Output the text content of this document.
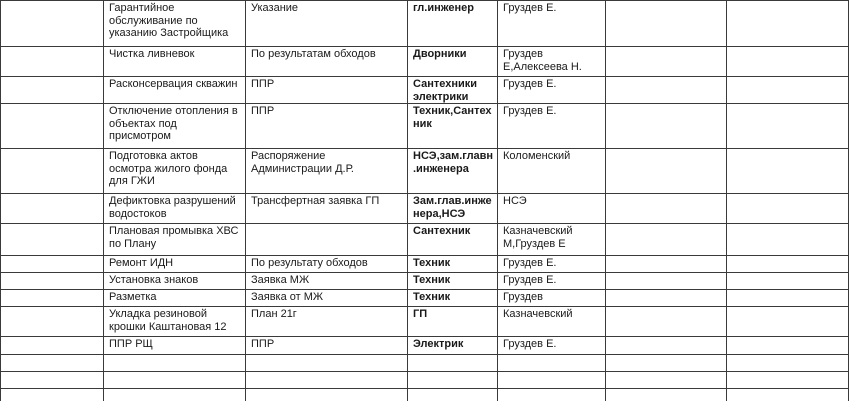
	Гарантийное обслуживание по указанию Застройщика	Указание	гл.инженер	Груздев Е.		
	Чистка ливневок	По результатам обходов	Дворники	Груздев Е,Алексеева Н.		
	Расконсервация скважин	ППР	Сантехники электрики	Груздев Е.		
	Отключение отопления в объектах под присмотром	ППР	Техник,Сантех ник	Груздев Е.		
	Подготовка актов осмотра жилого фонда для ГЖИ	Распоряжение Администрации Д.Р.	НСЭ,зам.главн .инженера	Коломенский		
	Дефиктовка разрушений водостоков	Трансфертная заявка ГП	Зам.глав.инже нера,НСЭ	НСЭ		
	Плановая промывка ХВС по Плану		Сантехник	Казначевский М,Груздев Е		
	Ремонт ИДН	По результату обходов	Техник	Груздев Е.		
	Установка знаков	Заявка МЖ	Техник	Груздев Е.		
	Разметка	Заявка от МЖ	Техник	Груздев		
	Укладка резиновой крошки Каштановая 12	План 21г	ГП	Казначевский		
	ППР РЩ	ППР	Электрик	Груздев Е.		
